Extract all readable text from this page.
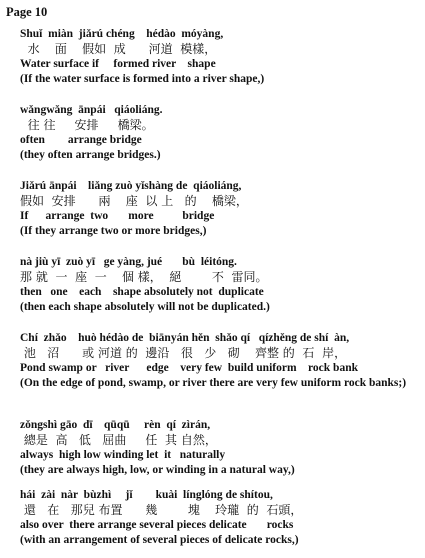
Page 10
Shuǐ  miàn  jiǎrú chéng    hédào  móyàng,
水    面    假如  成      河道  模樣，
Water surface if     formed river    shape
(If the water surface is formed into a river shape,)
wǎngwǎng  ānpái   qiáoliáng.
往 往     安排     橋梁。
often        arrange bridge
(they often arrange bridges.)
Jiǎrú ānpái    liǎng zuò yǐshàng de  qiáoliáng,
假如  安排      兩    座  以 上   的    橋梁，
If      arrange  two       more          bridge
(If they arrange two or more bridges,)
nà jiù yī  zuò yī   ge yàng, jué       bù  léitóng.
那 就  一  座  一    個 樣，  絕        不  雷同。
then   one    each    shape absolutely not  duplicate
(then each shape absolutely will not be duplicated.)
Chí  zhǎo    huò hédào de  biānyán hěn  shǎo qí   qízhěng de shí  àn,
池   沼      或 河道 的  邊沿   很   少   砌    齊整 的  石  岸，
Pond swamp or   river      edge    very few  build uniform    rock bank
(On the edge of pond, swamp, or river there are very few uniform rock banks;)
zǒngshì gāo  dī    qūqū     rèn  qí  zìrán,
總是  高   低   屈曲     任  其 自然，
always  high low winding let  it   naturally
(they are always high, low, or winding in a natural way,)
hái  zài  nàr  bùzhì     jǐ        kuài  línglóng de shítou,
還   在   那兒 布置      幾        塊    玲瓏  的  石頭，
also over  there arrange several pieces delicate       rocks
(with an arrangement of several pieces of delicate rocks,)
